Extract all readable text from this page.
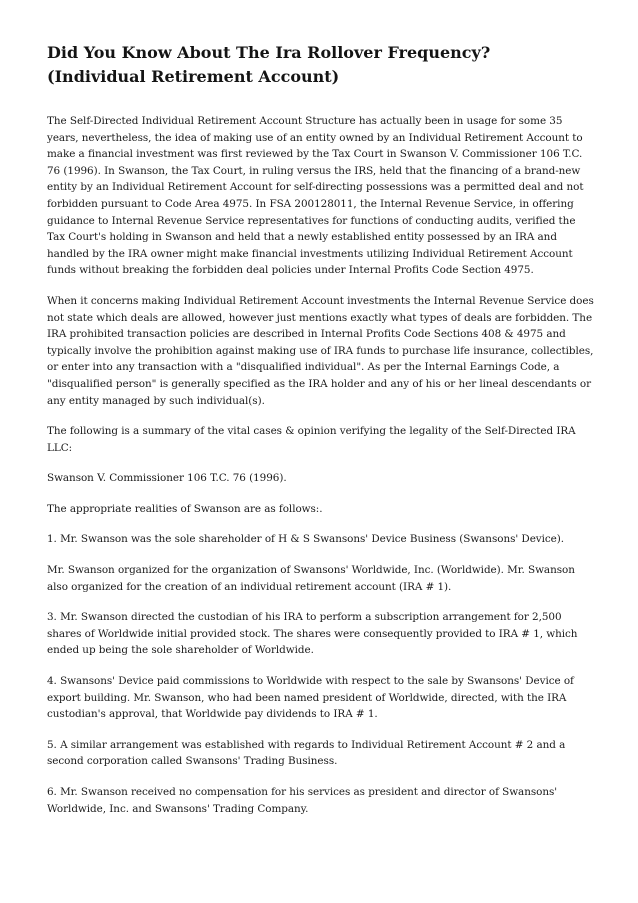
Did You Know About The Ira Rollover Frequency? (Individual Retirement Account)

The Self-Directed Individual Retirement Account Structure has actually been in usage for some 35 years, nevertheless, the idea of making use of an entity owned by an Individual Retirement Account to make a financial investment was first reviewed by the Tax Court in Swanson V. Commissioner 106 T.C. 76 (1996). In Swanson, the Tax Court, in ruling versus the IRS, held that the financing of a brand-new entity by an Individual Retirement Account for self-directing possessions was a permitted deal and not forbidden pursuant to Code Area 4975. In FSA 200128011, the Internal Revenue Service, in offering guidance to Internal Revenue Service representatives for functions of conducting audits, verified the Tax Court's holding in Swanson and held that a newly established entity possessed by an IRA and handled by the IRA owner might make financial investments utilizing Individual Retirement Account funds without breaking the forbidden deal policies under Internal Profits Code Section 4975.

When it concerns making Individual Retirement Account investments the Internal Revenue Service does not state which deals are allowed, however just mentions exactly what types of deals are forbidden. The IRA prohibited transaction policies are described in Internal Profits Code Sections 408 & 4975 and typically involve the prohibition against making use of IRA funds to purchase life insurance, collectibles, or enter into any transaction with a "disqualified individual". As per the Internal Earnings Code, a "disqualified person" is generally specified as the IRA holder and any of his or her lineal descendants or any entity managed by such individual(s).

The following is a summary of the vital cases & opinion verifying the legality of the Self-Directed IRA LLC:

Swanson V. Commissioner 106 T.C. 76 (1996).

The appropriate realities of Swanson are as follows:.

1. Mr. Swanson was the sole shareholder of H & S Swansons' Device Business (Swansons' Device).

Mr. Swanson organized for the organization of Swansons' Worldwide, Inc. (Worldwide). Mr. Swanson also organized for the creation of an individual retirement account (IRA # 1).

3. Mr. Swanson directed the custodian of his IRA to perform a subscription arrangement for 2,500 shares of Worldwide initial provided stock. The shares were consequently provided to IRA # 1, which ended up being the sole shareholder of Worldwide.

4. Swansons' Device paid commissions to Worldwide with respect to the sale by Swansons' Device of export building. Mr. Swanson, who had been named president of Worldwide, directed, with the IRA custodian's approval, that Worldwide pay dividends to IRA # 1.

5. A similar arrangement was established with regards to Individual Retirement Account # 2 and a second corporation called Swansons' Trading Business.

6. Mr. Swanson received no compensation for his services as president and director of Swansons' Worldwide, Inc. and Swansons' Trading Company.
